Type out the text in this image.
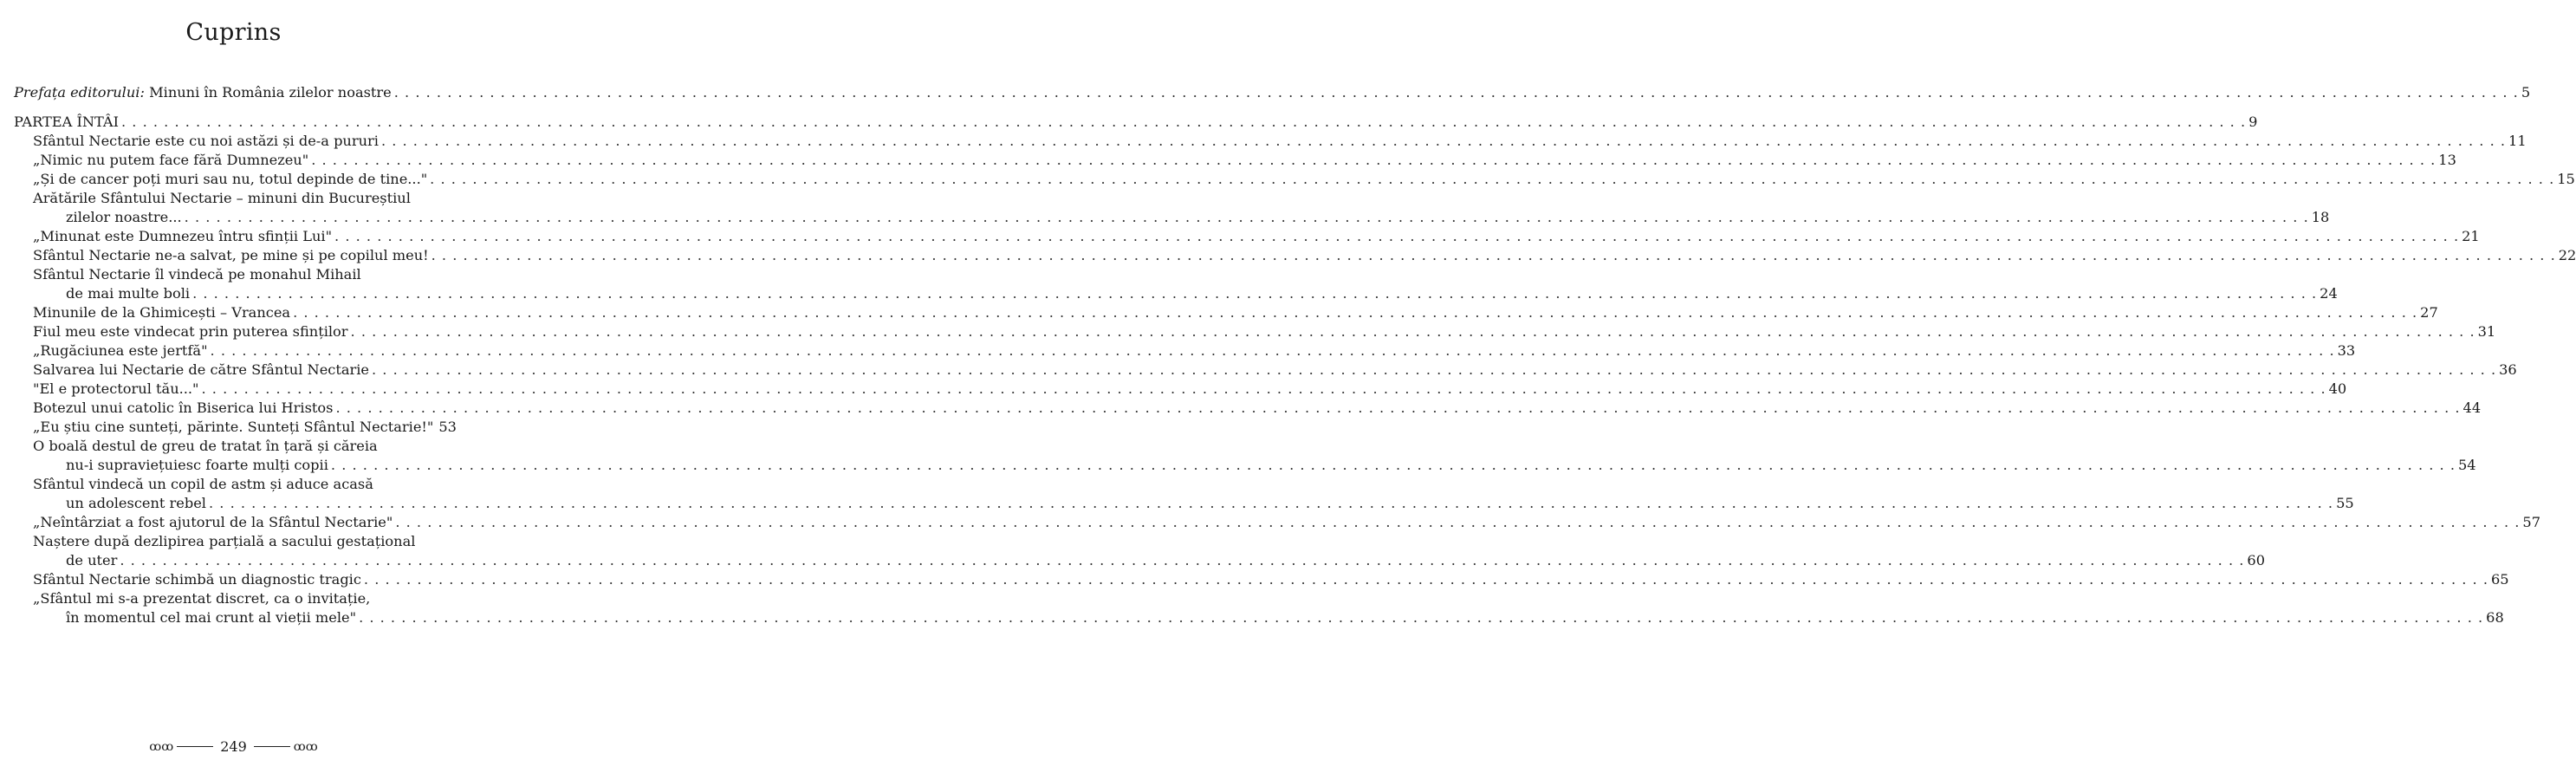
Cuprins
Prefața editorului: Minuni în România zilelor noastre . . . . . . . . . . . . . . . . . . . . . . . . . . . . . . . . . . . . . . . . . . . . . . . . . . . . . . . . . . . . . . . . . . . . . . . . . . . . . . . . . . . . . . . . . . . . . . . . . . . . . . . . . . . . . . . . . . . . . . . . . . . . . . . . . . . . . . . . . . . . . . . . . . . . . . . . . . . . . . . . . . . . . . . . . . . . . . . . . . . . . . . . . . . . . . . . . . . . . . . . 5
PARTEA ÎNTÂI . . . . . . . . . . . . . . . . . . . . . . . . . . . . . . . . . . . . . . . . . . . . . . . . . . . . . . . . . . . . . . . . . . . . . . . . . . . . . . . . . . . . . . . . . . . . . . . . . . . . . . . . . . . . . . . . . . . . . . . . . . . . . . . . . . . . . . . . . . . . . . . . . . . . . . . . . . . . . . . . . . . . . . . . . . . . . . . . . . . . . . . . . . . . . . . . . . . . . . . . 9
Sfântul Nectarie este cu noi astăzi și de-a pururi . . . . . . . . . . . . . . . . . . . . . . . . . . . . . . . . . . . . . . . . . . . . . . . . . . . . . . . . . . . . . . . . . . . . . . . . . . . . . . . . . . . . . . . . . . . . . . . . . . . . . . . . . . . . . . . . . . . . . . . . . . . . . . . . . . . . . . . . . . . . . . . . . . . . . . . . . . . . . . . . . . . . . . . . . . . . . . . . . . . . . . . . . . . . . . . . . . . . . . . . 11
„Nimic nu putem face fără Dumnezeu" . . . . . . . . . . . . . . . . . . . . . . . . . . . . . . . . . . . . . . . . . . . . . . . . . . . . . . . . . . . . . . . . . . . . . . . . . . . . . . . . . . . . . . . . . . . . . . . . . . . . . . . . . . . . . . . . . . . . . . . . . . . . . . . . . . . . . . . . . . . . . . . . . . . . . . . . . . . . . . . . . . . . . . . . . . . . . . . . . . . . . . . . . . . . . . . . . . . . . . . . 13
„Și de cancer poți muri sau nu, totul depinde de tine..." . . . . . . . . . . . . . . . . . . . . . . . . . . . . . . . . . . . . . . . . . . . . . . . . . . . . . . . . . . . . . . . . . . . . . . . . . . . . . . . . . . . . . . . . . . . . . . . . . . . . . . . . . . . . . . . . . . . . . . . . . . . . . . . . . . . . . . . . . . . . . . . . . . . . . . . . . . . . . . . . . . . . . . . . . . . . . . . . . . . . . . . . . . . . . . . . . . . . . . . . 15
Arătările Sfântului Nectarie – minuni din Bucureștiul
zilelor noastre... . . . . . . . . . . . . . . . . . . . . . . . . . . . . . . . . . . . . . . . . . . . . . . . . . . . . . . . . . . . . . . . . . . . . . . . . . . . . . . . . . . . . . . . . . . . . . . . . . . . . . . . . . . . . . . . . . . . . . . . . . . . . . . . . . . . . . . . . . . . . . . . . . . . . . . . . . . . . . . . . . . . . . . . . . . . . . . . . . . . . . . . . . . . . . . . . . . . . . . . . 18
„Minunat este Dumnezeu întru sfinții Lui" . . . . . . . . . . . . . . . . . . . . . . . . . . . . . . . . . . . . . . . . . . . . . . . . . . . . . . . . . . . . . . . . . . . . . . . . . . . . . . . . . . . . . . . . . . . . . . . . . . . . . . . . . . . . . . . . . . . . . . . . . . . . . . . . . . . . . . . . . . . . . . . . . . . . . . . . . . . . . . . . . . . . . . . . . . . . . . . . . . . . . . . . . . . . . . . . . . . . . . . . 21
Sfântul Nectarie ne-a salvat, pe mine și pe copilul meu! . . . . . . . . . . . . . . . . . . . . . . . . . . . . . . . . . . . . . . . . . . . . . . . . . . . . . . . . . . . . . . . . . . . . . . . . . . . . . . . . . . . . . . . . . . . . . . . . . . . . . . . . . . . . . . . . . . . . . . . . . . . . . . . . . . . . . . . . . . . . . . . . . . . . . . . . . . . . . . . . . . . . . . . . . . . . . . . . . . . . . . . . . . . . . . . . . . . . . . . . 22
Sfântul Nectarie îl vindecă pe monahul Mihail
de mai multe boli . . . . . . . . . . . . . . . . . . . . . . . . . . . . . . . . . . . . . . . . . . . . . . . . . . . . . . . . . . . . . . . . . . . . . . . . . . . . . . . . . . . . . . . . . . . . . . . . . . . . . . . . . . . . . . . . . . . . . . . . . . . . . . . . . . . . . . . . . . . . . . . . . . . . . . . . . . . . . . . . . . . . . . . . . . . . . . . . . . . . . . . . . . . . . . . . . . . . . . . . 24
Minunile de la Ghimicești – Vrancea . . . . . . . . . . . . . . . . . . . . . . . . . . . . . . . . . . . . . . . . . . . . . . . . . . . . . . . . . . . . . . . . . . . . . . . . . . . . . . . . . . . . . . . . . . . . . . . . . . . . . . . . . . . . . . . . . . . . . . . . . . . . . . . . . . . . . . . . . . . . . . . . . . . . . . . . . . . . . . . . . . . . . . . . . . . . . . . . . . . . . . . . . . . . . . . . . . . . . . . . 27
Fiul meu este vindecat prin puterea sfinților . . . . . . . . . . . . . . . . . . . . . . . . . . . . . . . . . . . . . . . . . . . . . . . . . . . . . . . . . . . . . . . . . . . . . . . . . . . . . . . . . . . . . . . . . . . . . . . . . . . . . . . . . . . . . . . . . . . . . . . . . . . . . . . . . . . . . . . . . . . . . . . . . . . . . . . . . . . . . . . . . . . . . . . . . . . . . . . . . . . . . . . . . . . . . . . . . . . . . . . . 31
„Rugăciunea este jertfă" . . . . . . . . . . . . . . . . . . . . . . . . . . . . . . . . . . . . . . . . . . . . . . . . . . . . . . . . . . . . . . . . . . . . . . . . . . . . . . . . . . . . . . . . . . . . . . . . . . . . . . . . . . . . . . . . . . . . . . . . . . . . . . . . . . . . . . . . . . . . . . . . . . . . . . . . . . . . . . . . . . . . . . . . . . . . . . . . . . . . . . . . . . . . . . . . . . . . . . . . 33
Salvarea lui Nectarie de către Sfântul Nectarie . . . . . . . . . . . . . . . . . . . . . . . . . . . . . . . . . . . . . . . . . . . . . . . . . . . . . . . . . . . . . . . . . . . . . . . . . . . . . . . . . . . . . . . . . . . . . . . . . . . . . . . . . . . . . . . . . . . . . . . . . . . . . . . . . . . . . . . . . . . . . . . . . . . . . . . . . . . . . . . . . . . . . . . . . . . . . . . . . . . . . . . . . . . . . . . . . . . . . . . . 36
"El e protectorul tău..." . . . . . . . . . . . . . . . . . . . . . . . . . . . . . . . . . . . . . . . . . . . . . . . . . . . . . . . . . . . . . . . . . . . . . . . . . . . . . . . . . . . . . . . . . . . . . . . . . . . . . . . . . . . . . . . . . . . . . . . . . . . . . . . . . . . . . . . . . . . . . . . . . . . . . . . . . . . . . . . . . . . . . . . . . . . . . . . . . . . . . . . . . . . . . . . . . . . . . . . . 40
Botezul unui catolic în Biserica lui Hristos . . . . . . . . . . . . . . . . . . . . . . . . . . . . . . . . . . . . . . . . . . . . . . . . . . . . . . . . . . . . . . . . . . . . . . . . . . . . . . . . . . . . . . . . . . . . . . . . . . . . . . . . . . . . . . . . . . . . . . . . . . . . . . . . . . . . . . . . . . . . . . . . . . . . . . . . . . . . . . . . . . . . . . . . . . . . . . . . . . . . . . . . . . . . . . . . . . . . . . . . 44
„Eu știu cine sunteți, părinte. Sunteți Sfântul Nectarie!" 53
O boală destul de greu de tratat în țară și căreia
nu-i supraviețuiesc foarte mulți copii . . . . . . . . . . . . . . . . . . . . . . . . . . . . . . . . . . . . . . . . . . . . . . . . . . . . . . . . . . . . . . . . . . . . . . . . . . . . . . . . . . . . . . . . . . . . . . . . . . . . . . . . . . . . . . . . . . . . . . . . . . . . . . . . . . . . . . . . . . . . . . . . . . . . . . . . . . . . . . . . . . . . . . . . . . . . . . . . . . . . . . . . . . . . . . . . . . . . . . . . 54
Sfântul vindecă un copil de astm și aduce acasă
un adolescent rebel . . . . . . . . . . . . . . . . . . . . . . . . . . . . . . . . . . . . . . . . . . . . . . . . . . . . . . . . . . . . . . . . . . . . . . . . . . . . . . . . . . . . . . . . . . . . . . . . . . . . . . . . . . . . . . . . . . . . . . . . . . . . . . . . . . . . . . . . . . . . . . . . . . . . . . . . . . . . . . . . . . . . . . . . . . . . . . . . . . . . . . . . . . . . . . . . . . . . . . . . 55
„Neîntârziat a fost ajutorul de la Sfântul Nectarie" . . . . . . . . . . . . . . . . . . . . . . . . . . . . . . . . . . . . . . . . . . . . . . . . . . . . . . . . . . . . . . . . . . . . . . . . . . . . . . . . . . . . . . . . . . . . . . . . . . . . . . . . . . . . . . . . . . . . . . . . . . . . . . . . . . . . . . . . . . . . . . . . . . . . . . . . . . . . . . . . . . . . . . . . . . . . . . . . . . . . . . . . . . . . . . . . . . . . . . . . 57
Naștere după dezlipirea parțială a sacului gestațional
de uter . . . . . . . . . . . . . . . . . . . . . . . . . . . . . . . . . . . . . . . . . . . . . . . . . . . . . . . . . . . . . . . . . . . . . . . . . . . . . . . . . . . . . . . . . . . . . . . . . . . . . . . . . . . . . . . . . . . . . . . . . . . . . . . . . . . . . . . . . . . . . . . . . . . . . . . . . . . . . . . . . . . . . . . . . . . . . . . . . . . . . . . . . . . . . . . . . . . . . . . . 60
Sfântul Nectarie schimbă un diagnostic tragic . . . . . . . . . . . . . . . . . . . . . . . . . . . . . . . . . . . . . . . . . . . . . . . . . . . . . . . . . . . . . . . . . . . . . . . . . . . . . . . . . . . . . . . . . . . . . . . . . . . . . . . . . . . . . . . . . . . . . . . . . . . . . . . . . . . . . . . . . . . . . . . . . . . . . . . . . . . . . . . . . . . . . . . . . . . . . . . . . . . . . . . . . . . . . . . . . . . . . . . . 65
„Sfântul mi s-a prezentat discret, ca o invitație,
în momentul cel mai crunt al vieții mele" . . . . . . . . . . . . . . . . . . . . . . . . . . . . . . . . . . . . . . . . . . . . . . . . . . . . . . . . . . . . . . . . . . . . . . . . . . . . . . . . . . . . . . . . . . . . . . . . . . . . . . . . . . . . . . . . . . . . . . . . . . . . . . . . . . . . . . . . . . . . . . . . . . . . . . . . . . . . . . . . . . . . . . . . . . . . . . . . . . . . . . . . . . . . . . . . . . . . . . . . 68
ꝏꝏ	249	ꝏꝏ
